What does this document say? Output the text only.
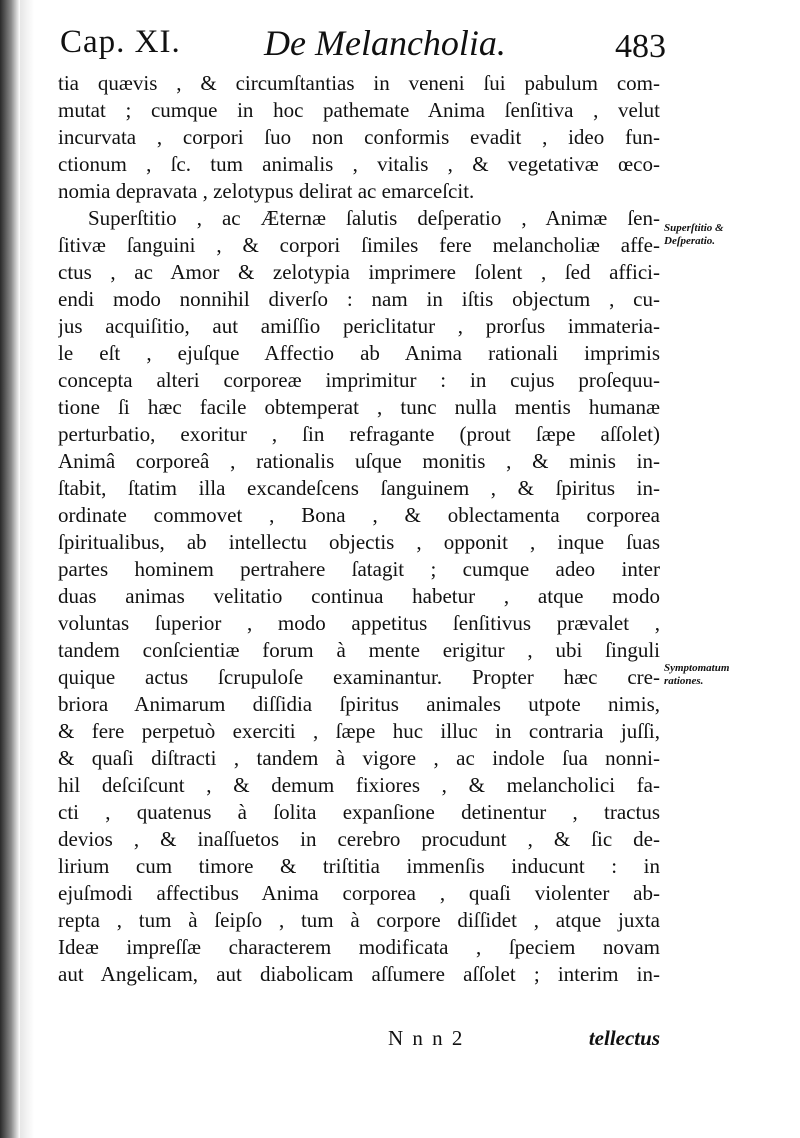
Cap. XI. De Melancholia.	483
tia quævis , & circumſtantias in veneni ſui pabulum com-
mutat ; cumque in hoc pathemate Anima ſenſitiva , velut
incurvata , corpori ſuo non conformis evadit , ideo fun-
ctionum , ſc. tum animalis , vitalis , & vegetativæ œco-
nomia depravata , zelotypus delirat ac emarceſcit.
Superſtitio , ac Æternæ ſalutis deſperatio , Animæ ſen-
ſitivæ ſanguini , & corpori ſimiles fere melancholiæ affe-
ctus , ac Amor & zelotypia imprimere ſolent , ſed affici-
endi modo nonnihil diverſo : nam in iſtis objectum , cu-
jus acquiſitio, aut amiſſio periclitatur , prorſus immateria-
le eſt , ejuſque Affectio ab Anima rationali imprimis
concepta alteri corporeæ imprimitur : in cujus proſequu-
tione ſi hæc facile obtemperat , tunc nulla mentis humanæ
perturbatio, exoritur , ſin refragante (prout ſæpe aſſolet)
Animâ corporeâ , rationalis uſque monitis , & minis in-
ſtabit, ſtatim illa excandeſcens ſanguinem , & ſpiritus in-
ordinate commovet , Bona , & oblectamenta corporea
ſpiritualibus, ab intellectu objectis , opponit , inque ſuas
partes hominem pertrahere ſatagit ; cumque adeo inter
duas animas velitatio continua habetur , atque modo
voluntas ſuperior , modo appetitus ſenſitivus prævalet ,
tandem conſcientiæ forum à mente erigitur , ubi ſinguli
quique actus ſcrupuloſe examinantur. Propter hæc cre-
briora Animarum diſſidia ſpiritus animales utpote nimis,
& fere perpetuò exerciti , ſæpe huc illuc in contraria juſſi,
& quaſi diſtracti , tandem à vigore , ac indole ſua nonni-
hil deſciſcunt , & demum fixiores , & melancholici fa-
cti , quatenus à ſolita expanſione detinentur , tractus
devios , & inaſſuetos in cerebro procudunt , & ſic de-
lirium cum timore & triſtitia immenſis inducunt : in
ejuſmodi affectibus Anima corporea , quaſi violenter ab-
repta , tum à ſeipſo , tum à corpore diſſidet , atque juxta
Ideæ impreſſæ characterem modificata , ſpeciem novam
aut Angelicam, aut diabolicam aſſumere aſſolet ; interim in-
Superſtitio &
Deſperatio.
Symptomatum
rationes.
N n n 2	tellectus
